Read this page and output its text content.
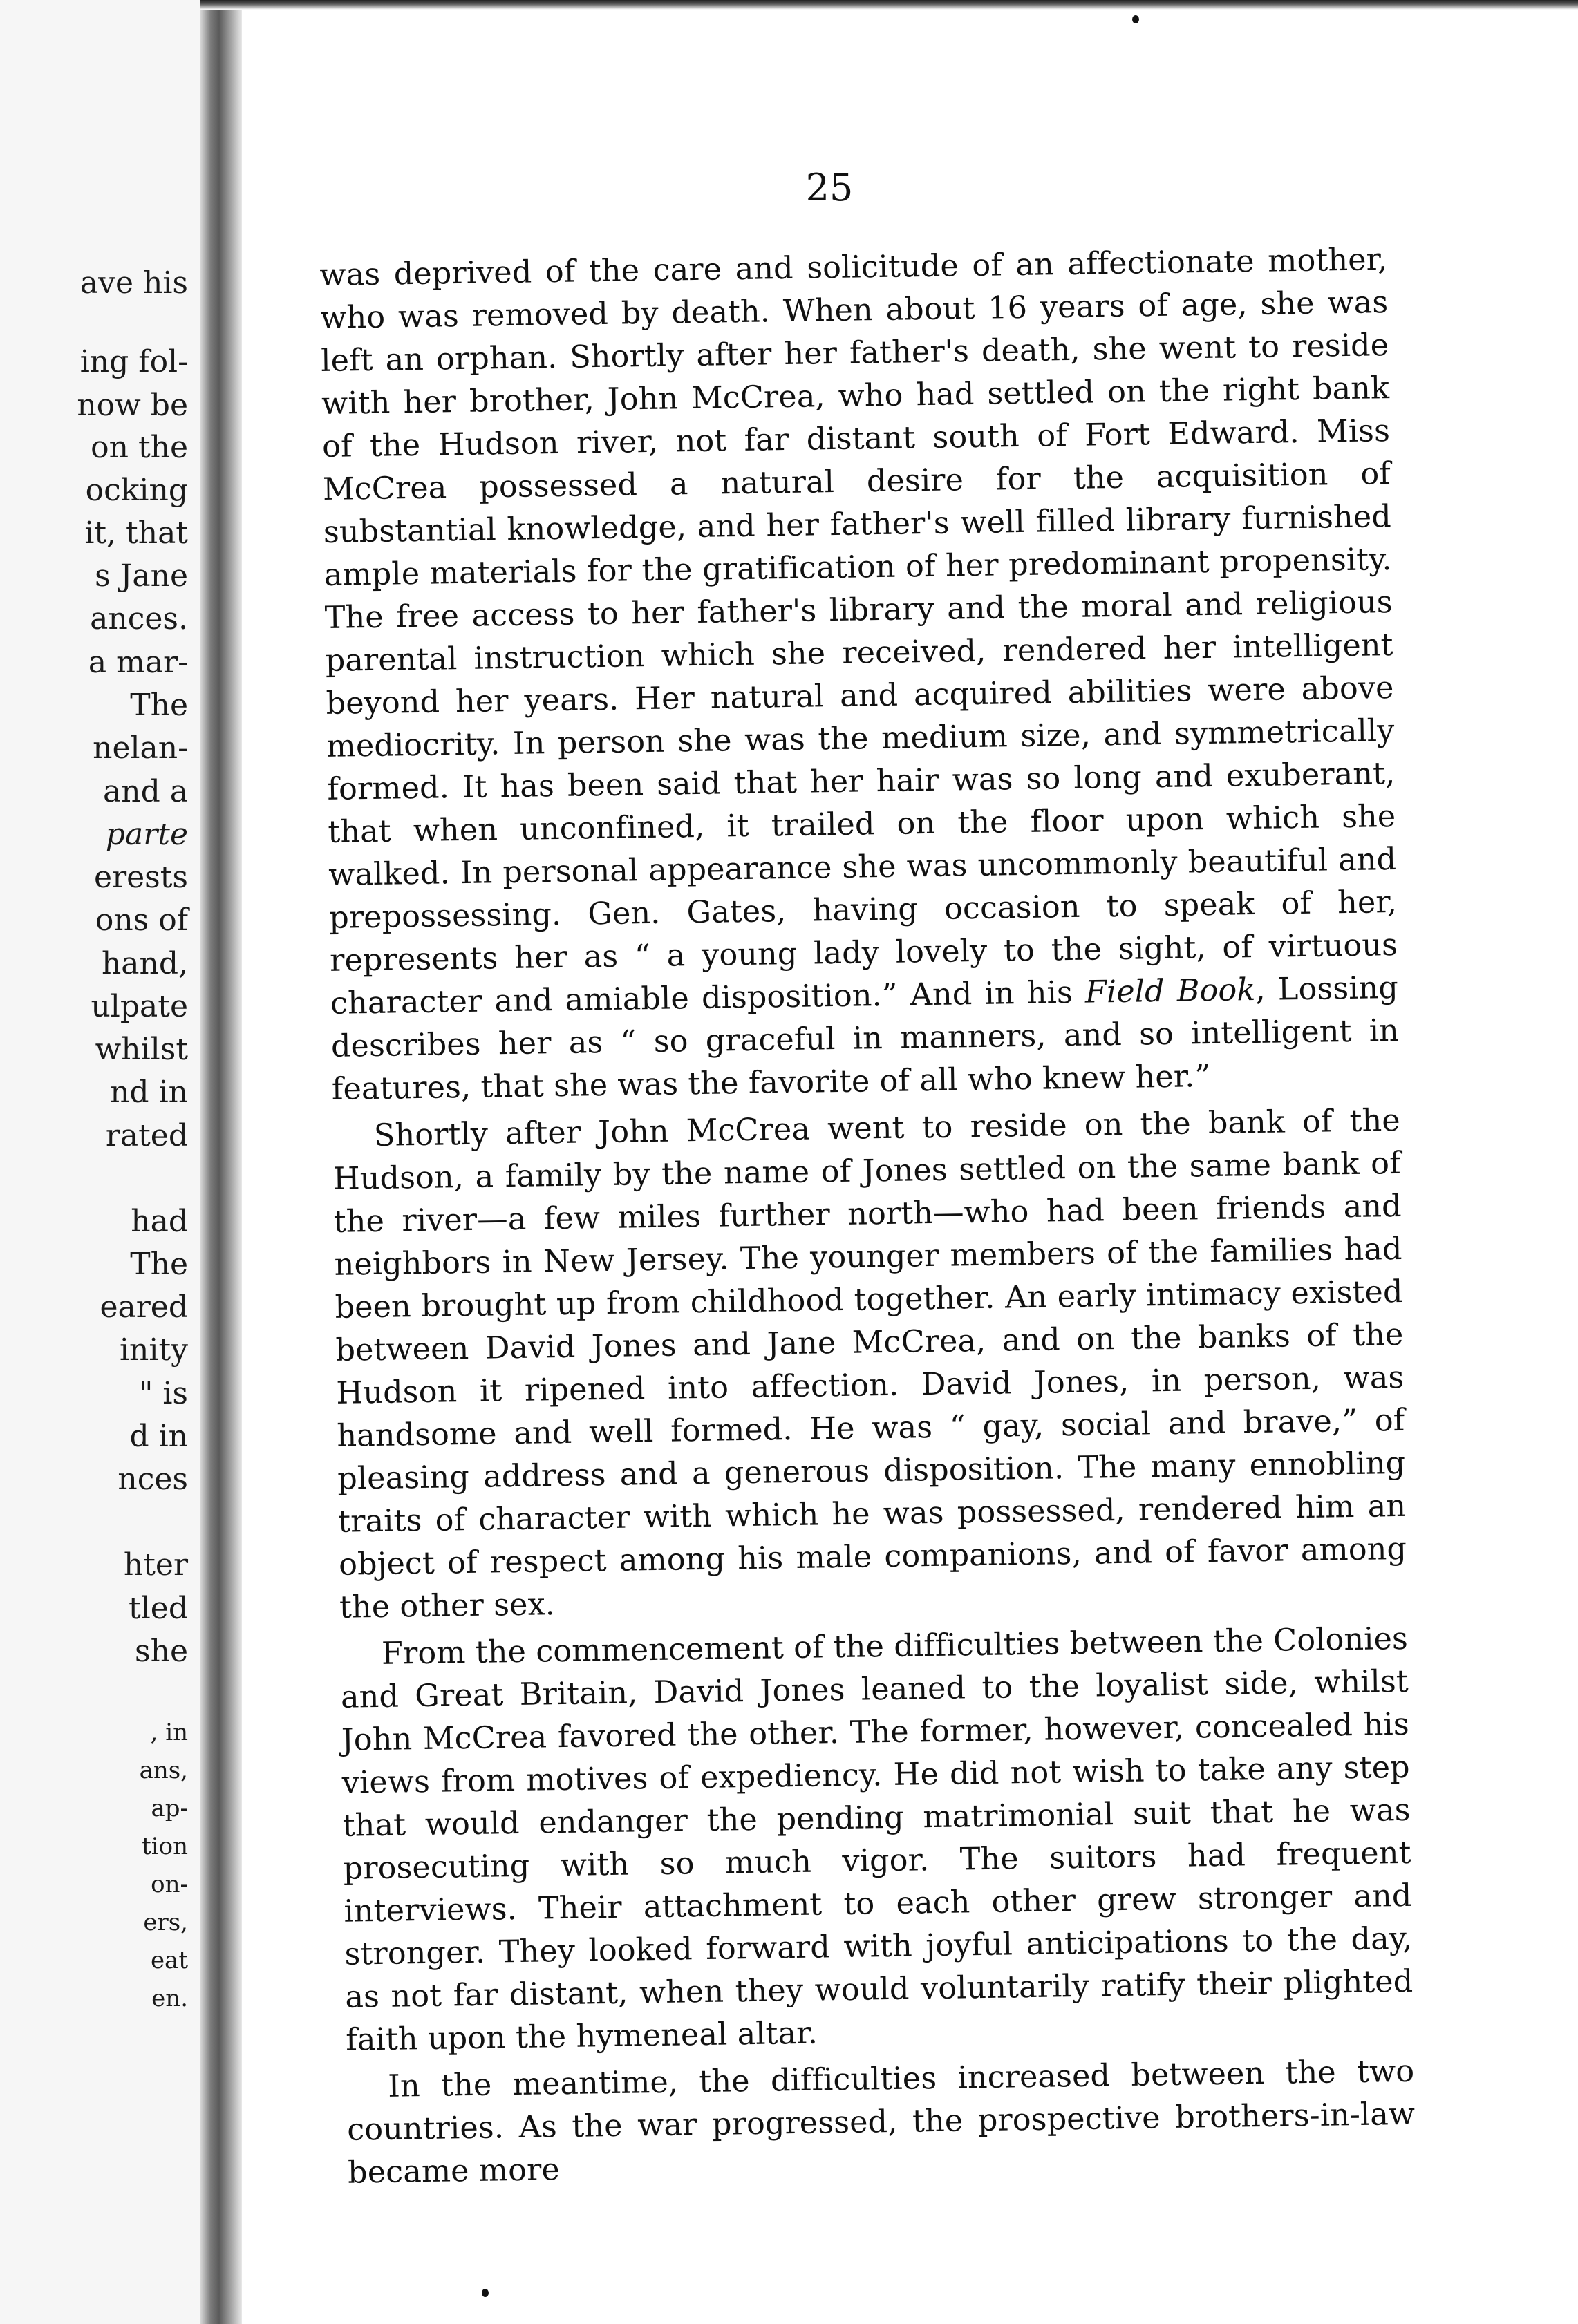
ave his
ing fol-
now be
on the
ocking
it, that
s Jane
ances.
a mar-
The
nelan-
and a
parte
erests
ons of
hand,
ulpate
whilst
nd in
rated
had
The
eared
inity
" is
d in
nces
hter
tled
she
, in
ans,
ap-
tion
on-
ers,
eat
en.
25

was deprived of the care and solicitude of an affectionate mother, who was removed by death. When about 16 years of age, she was left an orphan. Shortly after her father's death, she went to reside with her brother, John McCrea, who had settled on the right bank of the Hudson river, not far distant south of Fort Edward. Miss McCrea possessed a natural desire for the acquisition of substantial knowledge, and her father's well filled library furnished ample materials for the gratification of her predominant propensity. The free access to her father's library and the moral and religious parental instruction which she received, rendered her intelligent beyond her years. Her natural and acquired abilities were above mediocrity. In person she was the medium size, and symmetrically formed. It has been said that her hair was so long and exuberant, that when unconfined, it trailed on the floor upon which she walked. In personal appearance she was uncommonly beautiful and prepossessing. Gen. Gates, having occasion to speak of her, represents her as “ a young lady lovely to the sight, of virtuous character and amiable disposition.” And in his Field Book, Lossing describes her as “ so graceful in manners, and so intelligent in features, that she was the favorite of all who knew her.”

Shortly after John McCrea went to reside on the bank of the Hudson, a family by the name of Jones settled on the same bank of the river—a few miles further north—who had been friends and neighbors in New Jersey. The younger members of the families had been brought up from childhood together. An early intimacy existed between David Jones and Jane McCrea, and on the banks of the Hudson it ripened into affection. David Jones, in person, was handsome and well formed. He was “ gay, social and brave,” of pleasing address and a generous disposition. The many ennobling traits of character with which he was possessed, rendered him an object of respect among his male companions, and of favor among the other sex.

From the commencement of the difficulties between the Colonies and Great Britain, David Jones leaned to the loyalist side, whilst John McCrea favored the other. The former, however, concealed his views from motives of expediency. He did not wish to take any step that would endanger the pending matrimonial suit that he was prosecuting with so much vigor. The suitors had frequent interviews. Their attachment to each other grew stronger and stronger. They looked forward with joyful anticipations to the day, as not far distant, when they would voluntarily ratify their plighted faith upon the hymeneal altar.

In the meantime, the difficulties increased between the two countries. As the war progressed, the prospective brothers-in-law became more
